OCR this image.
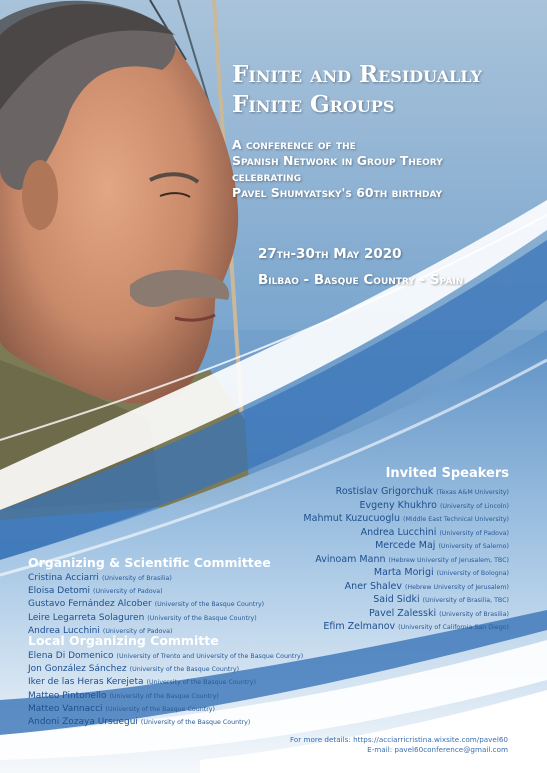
Finite and Residually
Finite Groups
A conference of the
Spanish Network in Group Theory
celebrating
Pavel Shumyatsky's 60th birthday
27th-30th May 2020
Bilbao - Basque Country - Spain
Invited Speakers
Rostislav Grigorchuk (Texas A&M University)
Evgeny Khukhro (University of Lincoln)
Mahmut Kuzucuoglu (Middle East Technical University)
Andrea Lucchini (University of Padova)
Mercede Maj (University of Salerno)
Avinoam Mann (Hebrew University of Jerusalem, TBC)
Marta Morigi (University of Bologna)
Aner Shalev (Hebrew University of Jerusalem)
Said Sidki (University of Brasilia, TBC)
Pavel Zalesski (University of Brasilia)
Efim Zelmanov (University of California San Diego)
Organizing & Scientific Committee
Cristina Acciarri (University of Brasilia)
Eloisa Detomi (University of Padova)
Gustavo Fernández Alcober (University of the Basque Country)
Leire Legarreta Solaguren (University of the Basque Country)
Andrea Lucchini (University of Padova)
Local Organizing Committe
Elena Di Domenico (University of Trento and University of the Basque Country)
Jon González Sánchez (University of the Basque Country)
Iker de las Heras Kerejeta (University of the Basque Country)
Matteo Pintonello (University of the Basque Country)
Matteo Vannacci (University of the Basque Country)
Andoni Zozaya Ursuegui (University of the Basque Country)
For more details: https://acciarricristina.wixsite.com/pavel60
E-mail: pavel60conference@gmail.com
